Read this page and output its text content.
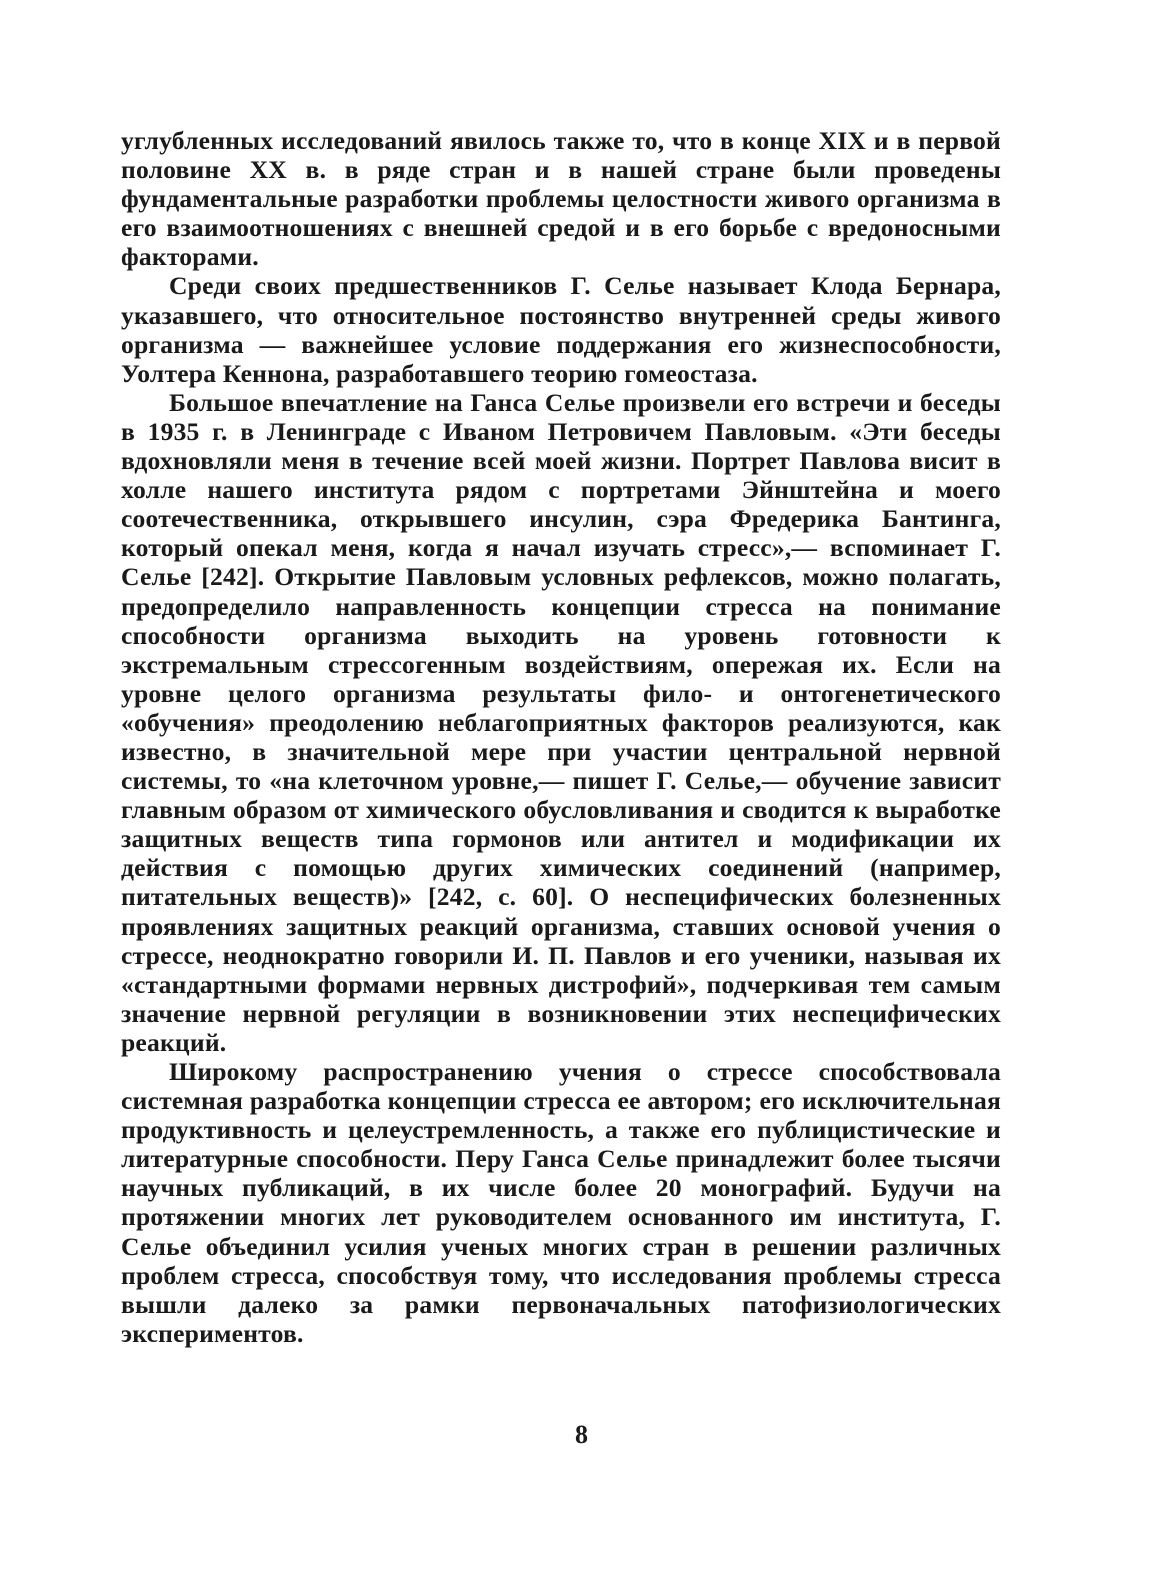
углубленных исследований явилось также то, что в конце XIX и в первой половине XX в. в ряде стран и в нашей стране были проведены фундаментальные разработки проблемы целостности живого организма в его взаимоотношениях с внешней средой и в его борьбе с вредоносными факторами.

Среди своих предшественников Г. Селье называет Клода Бернара, указавшего, что относительное постоянство внутренней среды живого организма — важнейшее условие поддержания его жизнеспособности, Уолтера Кеннона, разработавшего теорию гомеостаза.

Большое впечатление на Ганса Селье произвели его встречи и беседы в 1935 г. в Ленинграде с Иваном Петровичем Павловым. «Эти беседы вдохновляли меня в течение всей моей жизни. Портрет Павлова висит в холле нашего института рядом с портретами Эйнштейна и моего соотечественника, открывшего инсулин, сэра Фредерика Бантинга, который опекал меня, когда я начал изучать стресс»,— вспоминает Г. Селье [242]. Открытие Павловым условных рефлексов, можно полагать, предопределило направленность концепции стресса на понимание способности организма выходить на уровень готовности к экстремальным стрессогенным воздействиям, опережая их. Если на уровне целого организма результаты фило- и онтогенетического «обучения» преодолению неблагоприятных факторов реализуются, как известно, в значительной мере при участии центральной нервной системы, то «на клеточном уровне,— пишет Г. Селье,— обучение зависит главным образом от химического обусловливания и сводится к выработке защитных веществ типа гормонов или антител и модификации их действия с помощью других химических соединений (например, питательных веществ)» [242, с. 60]. О неспецифических болезненных проявлениях защитных реакций организма, ставших основой учения о стрессе, неоднократно говорили И. П. Павлов и его ученики, называя их «стандартными формами нервных дистрофий», подчеркивая тем самым значение нервной регуляции в возникновении этих неспецифических реакций.

Широкому распространению учения о стрессе способствовала системная разработка концепции стресса ее автором; его исключительная продуктивность и целеустремленность, а также его публицистические и литературные способности. Перу Ганса Селье принадлежит более тысячи научных публикаций, в их числе более 20 монографий. Будучи на протяжении многих лет руководителем основанного им института, Г. Селье объединил усилия ученых многих стран в решении различных проблем стресса, способствуя тому, что исследования проблемы стресса вышли далеко за рамки первоначальных патофизиологических экспериментов.

8
